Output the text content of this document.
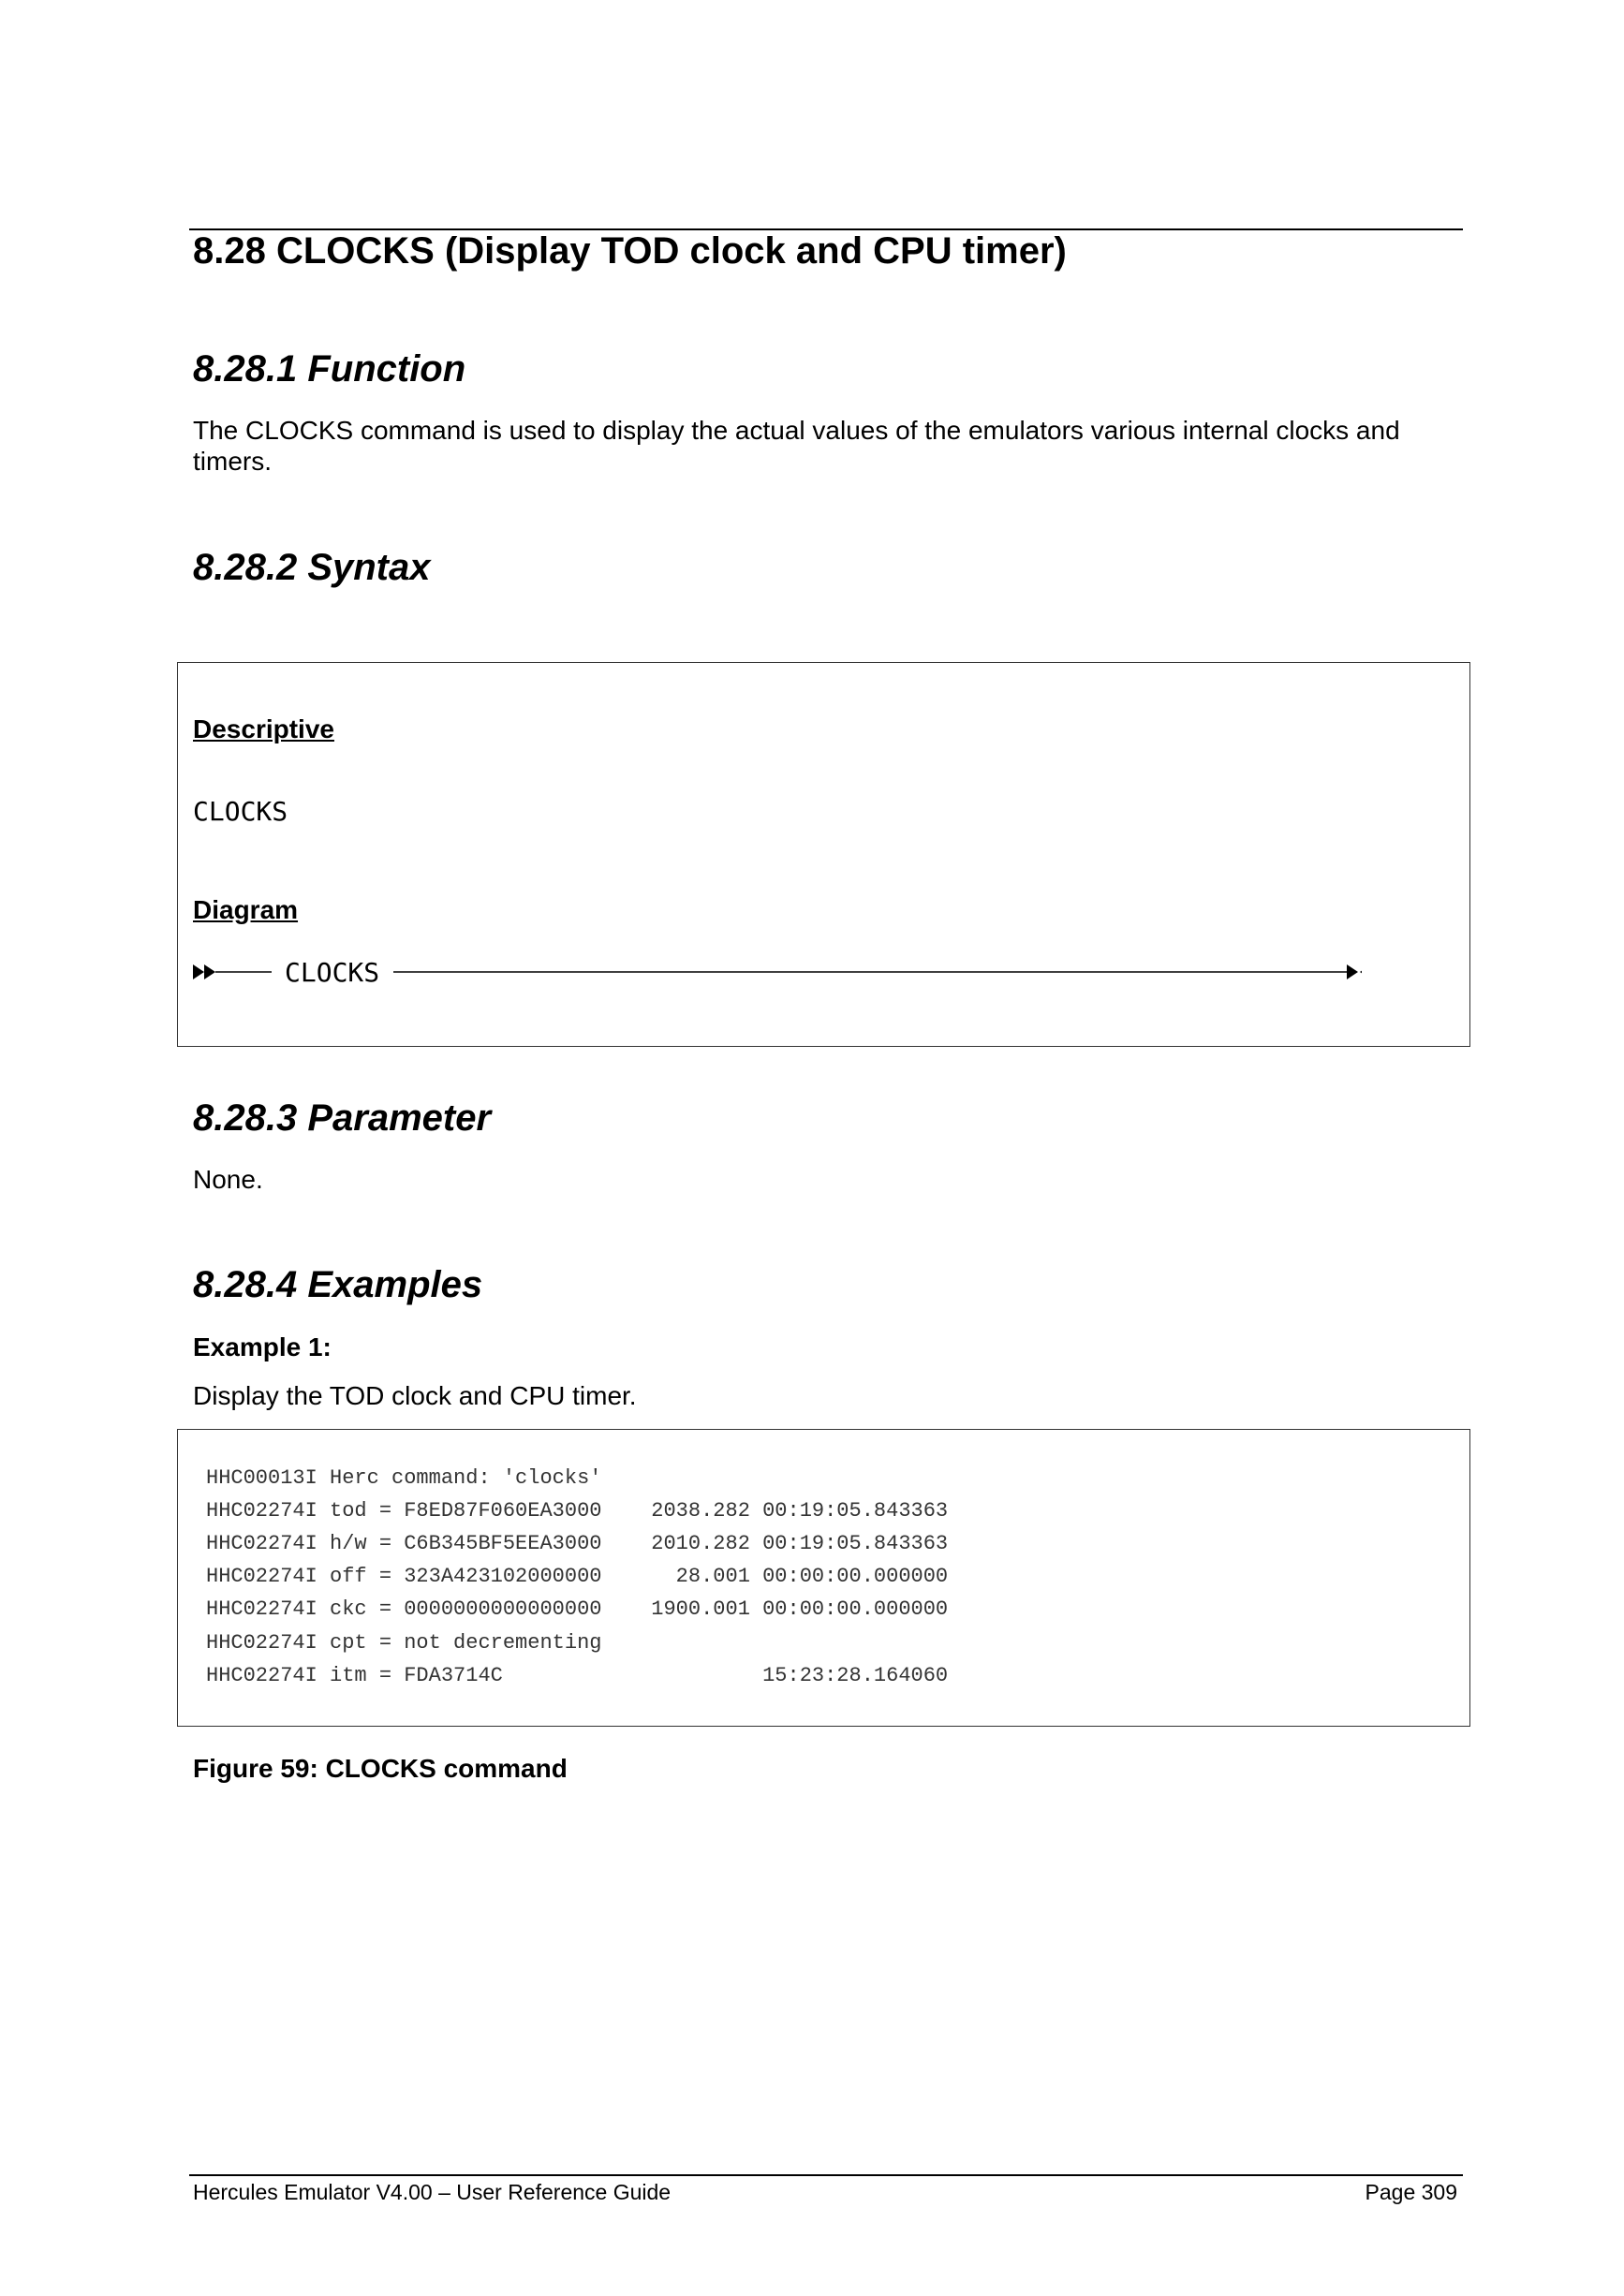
8.28 CLOCKS (Display TOD clock and CPU timer)
8.28.1 Function

The CLOCKS command is used to display the actual values of the emulators various internal clocks and timers.

8.28.2 Syntax

Descriptive

CLOCKS

Diagram

CLOCKS
8.28.3 Parameter

None.

8.28.4 Examples

Example 1:

Display the TOD clock and CPU timer.

HHC00013I Herc command: 'clocks'

HHC02274I tod = F8ED87F060EA3000    2038.282 00:19:05.843363

HHC02274I h/w = C6B345BF5EEA3000    2010.282 00:19:05.843363

HHC02274I off = 323A423102000000      28.001 00:00:00.000000

HHC02274I ckc = 0000000000000000    1900.001 00:00:00.000000

HHC02274I cpt = not decrementing

HHC02274I itm = FDA3714C                     15:23:28.164060

Figure 59: CLOCKS command

Hercules Emulator V4.00 – User Reference Guide	Page 309
